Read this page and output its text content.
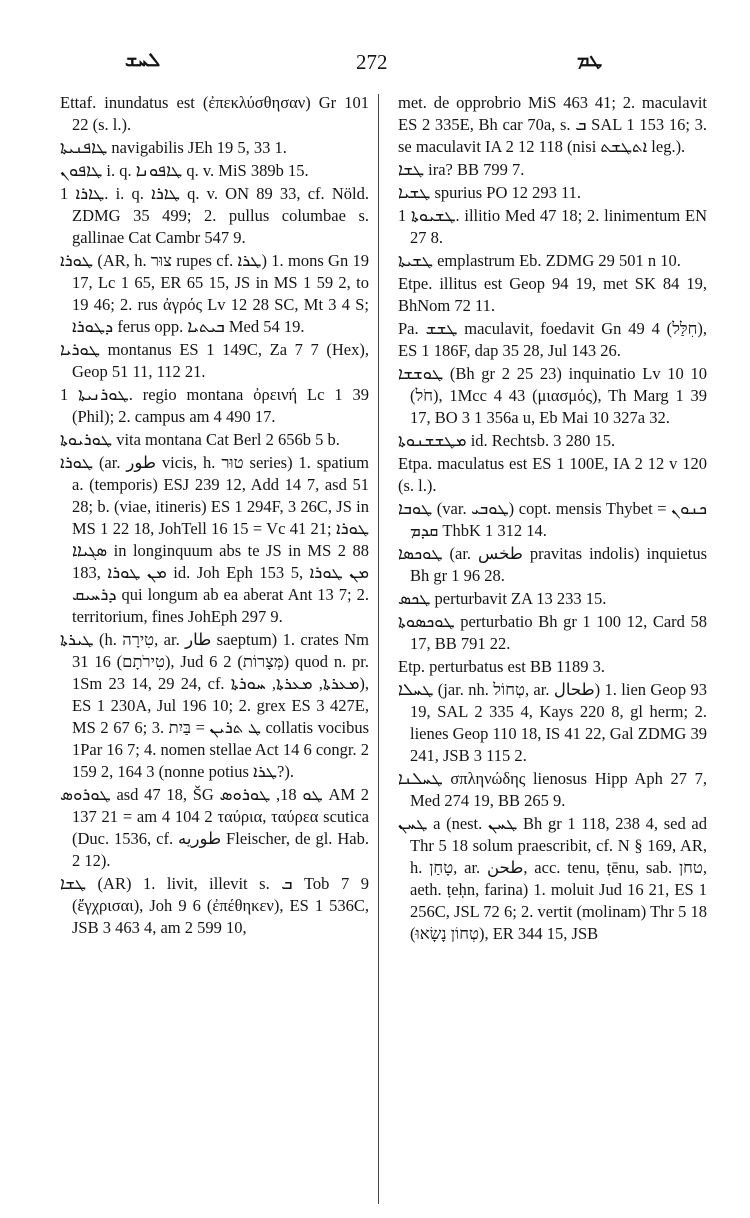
ܠܚܫ	272	ܛܡ

Ettaf. inundatus est (ἐπεκλύσθησαν) Gr 101 22 (s. l.).

ܛܐܦܢܝܬܐ navigabilis JEh 19 5, 33 1.

ܛܐܦܘܢ i. q. ܛܐܦܘܢܐ q. v. MiS 389b 15.

ܛܐܪܐ 1. i. q. ܛܐܪܐ q. v. ON 89 33, cf. Nöld. ZDMG 35 499; 2. pullus columbae s. gallinae Cat Cambr 547 9.

ܛܘܪܐ (AR, h. צוּר rupes cf. ܛܪܐ) 1. mons Gn 19 17, Lc 1 65, ER 65 15, JS in MS 1 59 2, to 19 46; 2. rus ἀγρός Lv 12 28 SC, Mt 3 4 S; ܕܛܘܪܐ ferus opp. ܒܝܬܝܐ Med 54 19.

ܛܘܪܝܐ montanus ES 1 149C, Za 7 7 (Hex), Geop 51 11, 112 21.

ܛܘܪܢܝܬܐ 1. regio montana ὀρεινή Lc 1 39 (Phil); 2. campus am 4 490 17.

ܛܘܪܝܘܬܐ vita montana Cat Berl 2 656b 5 b.

ܛܘܪܐ (ar. طور vicis, h. טוּר series) 1. spatium a. (temporis) ESJ 239 12, Add 14 7, asd 51 28; b. (viae, itineris) ES 1 294F, 3 26C, JS in MS 1 22 18, JohTell 16 15 = Vc 41 21; ܛܘܪܐ ܣܓܝܐܐ in longinquum abs te JS in MS 2 88 183, ܡܢ ܛܘܪܐ id. Joh Eph 153 5, ܡܢ ܛܘܪܐ ܕܪܚܝܩ qui longum ab ea aberat Ant 13 7; 2. territorium, fines JohEph 297 9.

ܛܝܪܬܐ (h. טִירָה, ar. طار saeptum) 1. crates Nm 31 16 (טִירֹתָם), Jud 6 2 (מְּצָרוֹת) quod n. pr. 1Sm 23 14, 29 24, cf. ܡܥܪܬܐ, ܡܥܪܬܐ, ܚܘܪܬܐ), ES 1 230A, Jul 196 10; 2. grex ES 3 427E, MS 2 67 6; 3. ܛ ܬܪܝܢ = בַּיִת collatis vocibus 1Par 16 7; 4. nomen stellae Act 14 6 congr. 2 159 2, 164 3 (nonne potius ܛܪܐ?).

ܛܘܪܘܣ asd 47 18, ŠG ܛܘ 18, ܛܘܪܘܣ AM 2 137 21 = am 4 104 2 ταύρια, ταύρεα scutica (Duc. 1536, cf. طوريه Fleischer, de gl. Hab. 2 12).

ܛܫܐ (AR) 1. livit, illevit s. ܒ Tob 7 9 (ἔγχρισαι), Joh 9 6 (ἐπέθηκεν), ES 1 536C, JSB 3 463 4, am 2 599 10,

met. de opprobrio MiS 463 41; 2. maculavit ES 2 335E, Bh car 70a, s. ܒ SAL 1 153 16; 3. se maculavit IA 2 12 118 (nisi ܐܬܛܫܬ leg.).

ܛܫܐ ira? BB 799 7.

ܛܫܝܐ spurius PO 12 293 11.

ܛܫܝܘܬܐ 1. illitio Med 47 18; 2. linimentum EN 27 8.

ܛܫܝܬܐ emplastrum Eb. ZDMG 29 501 n 10.

Etpe. illitus est Geop 94 19, met SK 84 19, BhNom 72 11.

Pa. ܛܫܫ maculavit, foedavit Gn 49 4 (חִלַּל), ES 1 186F, dap 35 28, Jul 143 26.

ܛܘܫܫܐ (Bh gr 2 25 23) inquinatio Lv 10 10 (חֹל), 1Mcc 4 43 (μιασμός), Th Marg 1 39 17, BO 3 1 356a u, Eb Mai 10 327a 32.

ܡܛܫܫܢܘܬܐ id. Rechtsb. 3 280 15.

Etpa. maculatus est ES 1 100E, IA 2 12 v 120 (s. l.).

ܛܘܒܐ (var. ܛܘܒܝ) copt. mensis Thybet = ܟܢܘܢ ܩܕܡ ThbK 1 312 14.

ܛܘܟܣܐ (ar. طخس pravitas indolis) inquietus Bh gr 1 96 28.

ܛܟܣ perturbavit ZA 13 233 15.

ܛܘܟܣܘܬܐ perturbatio Bh gr 1 100 12, Card 58 17, BB 791 22.

Etp. perturbatus est BB 1189 3.

ܛܚܠܐ (jar. nh. טְחוֹל, ar. طحال) 1. lien Geop 93 19, SAL 2 335 4, Kays 220 8, gl herm; 2. lienes Geop 110 18, IS 41 22, Gal ZDMG 39 241, JSB 3 115 2.

ܛܚܠܢܐ σπληνώδης lienosus Hipp Aph 27 7, Med 274 19, BB 265 9.

ܛܚܢ a (nest. ܛܚܢ Bh gr 1 118, 238 4, sed ad Thr 5 18 solum praescribit, cf. N § 169, AR, h. טָחַן, ar. طحن, acc. tenu, ṭēnu, sab. טחן, aeth. ṭeḥn, farina) 1. moluit Jud 16 21, ES 1 256C, JSL 72 6; 2. vertit (molinam) Thr 5 18 (טְחוֹן נָשָׂאוּ), ER 344 15, JSB
